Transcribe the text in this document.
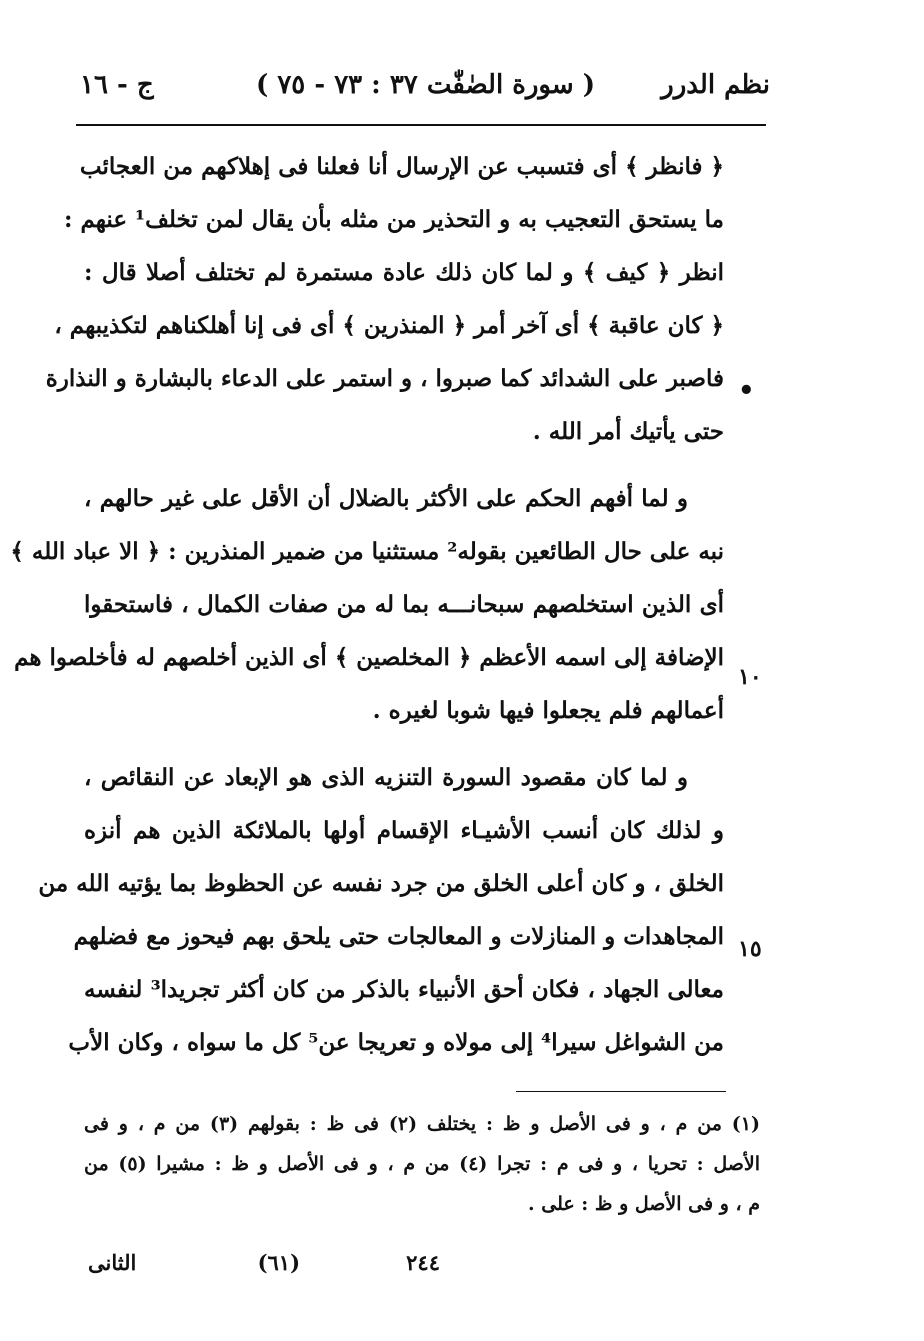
نظم الدرر
( سورة الصٰفّٰت ٣٧ : ٧٣ - ٧٥ )
ج - ١٦
•
١٠
١٥
﴿ فانظر ﴾ أى فتسبب عن الإرسال أنا فعلنا فى إهلاكهم من العجائب
ما يستحق التعجيب به و التحذير من مثله بأن يقال لمن تخلف¹ عنهم :
انظر ﴿ كيف ﴾ و لما كان ذلك عادة مستمرة لم تختلف أصلا قال :
﴿ كان عاقبة ﴾ أى آخر أمر ﴿ المنذرين ﴾ أى فى إنا أهلكناهم لتكذيبهم ،
فاصبر على الشدائد كما صبروا ، و استمر على الدعاء بالبشارة و النذارة
حتى يأتيك أمر الله .
و لما أفهم الحكم على الأكثر بالضلال أن الأقل على غير حالهم ،
نبه على حال الطائعين بقوله² مستثنيا من ضمير المنذرين : ﴿ الا عباد الله ﴾
أى الذين استخلصهم سبحانـــه بما له من صفات الكمال ، فاستحقوا
الإضافة إلى اسمه الأعظم ﴿ المخلصين ﴾ أى الذين أخلصهم له فأخلصوا هم
أعمالهم فلم يجعلوا فيها شوبا لغيره .
و لما كان مقصود السورة التنزيه الذى هو الإبعاد عن النقائص ،
و لذلك كان أنسب الأشيـاء الإقسام أولها بالملائكة الذين هم أنزه
الخلق ، و كان أعلى الخلق من جرد نفسه عن الحظوظ بما يؤتيه الله من
المجاهدات و المنازلات و المعالجات حتى يلحق بهم فيحوز مع فضلهم
معالى الجهاد ، فكان أحق الأنبياء بالذكر من كان أكثر تجريدا³ لنفسه
من الشواغل سيرا⁴ إلى مولاه و تعريجا عن⁵ كل ما سواه ، وكان الأب
(١) من م ، و فى الأصل و ظ : يختلف (٢) فى ظ : بقولهم (٣) من م ، و فى
الأصل : تحريا ، و فى م : تجرا (٤) من م ، و فى الأصل و ظ : مشيرا (٥) من
م ، و فى الأصل و ظ : على .
٢٤٤
(٦١)
الثانى
